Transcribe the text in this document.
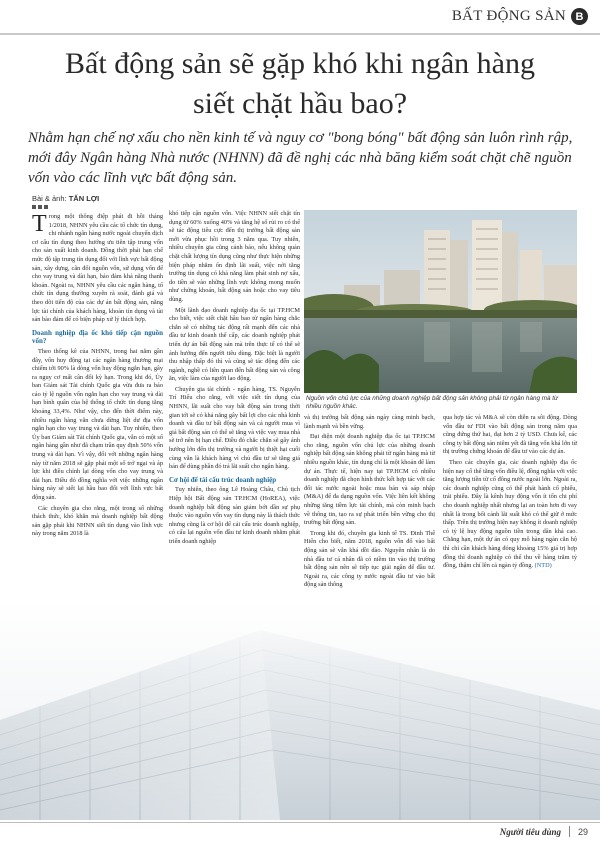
BẤT ĐỘNG SẢN B
Bất động sản sẽ gặp khó khi ngân hàng
siết chặt hầu bao?

Nhằm hạn chế nợ xấu cho nền kinh tế và nguy cơ "bong bóng" bất động sản luôn rình rập, mới đây Ngân hàng Nhà nước (NHNN) đã đề nghị các nhà băng kiểm soát chặt chẽ nguồn vốn vào các lĩnh vực bất động sản.

Bài & ảnh: TẤN LỢI

Trong một thông điệp phát đi hồi tháng 1/2018, NHNN yêu cầu các tổ chức tín dụng, chi nhánh ngân hàng nước ngoài chuyển dịch cơ cấu tín dụng theo hướng ưu tiên tập trung vốn cho sản xuất kinh doanh. Đồng thời phải hạn chế mức độ tập trung tín dụng đối với lĩnh vực bất động sản, xây dựng, cân đối nguồn vốn, sử dụng vốn để cho vay trung và dài hạn, bảo đảm khả năng thanh khoản. Ngoài ra, NHNN yêu cầu các ngân hàng, tổ chức tín dụng thường xuyên rà soát, đánh giá và theo dõi tiến độ của các dự án bất động sản, năng lực tài chính của khách hàng, khoản tín dụng và tài sản bảo đảm để có biện pháp xử lý thích hợp.

Doanh nghiệp địa ốc khó tiếp cận nguồn vốn?

Theo thống kê của NHNN, trong hai năm gần đây, vốn huy động tại các ngân hàng thương mại chiếm tới 90% là dòng vốn huy động ngắn hạn, gây ra nguy cơ mất cân đối kỳ hạn. Trong khi đó, Ủy ban Giám sát Tài chính Quốc gia vừa đưa ra báo cáo tỷ lệ nguồn vốn ngắn hạn cho vay trung và dài hạn bình quân của hệ thống tổ chức tín dụng tăng khoảng 33,4%. Như vậy, cho đến thời điểm này, nhiều ngân hàng vẫn chưa dừng liệt dư địa vốn ngắn hạn cho vay trung và dài hạn. Tuy nhiên, theo Ủy ban Giám sát Tài chính Quốc gia, vẫn có một số ngân hàng gần như đã chạm trần quy định 50% vốn trung và dài hạn. Vì vậy, đối với những ngân hàng này từ năm 2018 sẽ gặp phải một số trở ngại và áp lực khi điều chỉnh lại dòng vốn cho vay trung và dài hạn. Điều đó đồng nghĩa với việc những ngân hàng này sẽ siết lại hầu bao đối với lĩnh vực bất động sản.

Các chuyên gia cho rằng, một trong số những thách thức, khó khăn mà doanh nghiệp bất động sản gặp phải khi NHNN siết tín dụng vào lĩnh vực này trong năm 2018 là

khó tiếp cận nguồn vốn. Việc NHNN siết chặt tín dụng từ 60% xuống 40% và tăng hệ số rủi ro có thể sẽ tác động tiêu cực đến thị trường bất động sản mới vừa phục hồi trong 3 năm qua. Tuy nhiên, nhiều chuyên gia cũng cảnh báo, nếu không quản chặt chất lượng tín dụng cũng như thực hiện những biện pháp nhằm ổn định lãi suất, việc nới tăng trưởng tín dụng có khả năng làm phát sinh nợ xấu, do tiền sẽ vào những lĩnh vực không mong muốn như chứng khoán, bất động sản hoặc cho vay tiêu dùng.

Một lãnh đạo doanh nghiệp địa ốc tại TP.HCM cho biết, việc siết chặt hầu bao từ ngân hàng chắc chắn sẽ có những tác động rất mạnh đến các nhà đầu tư kinh doanh thế cấp, các doanh nghiệp phát triển dự án bất động sản mà trên thực tế có thể sẽ ảnh hưởng đến người tiêu dùng. Đặc biệt là người thu nhập thấp đó thì và cũng sẽ tác động đến các ngành, nghề có liên quan đến bất động sản và công ăn, việc làm của người lao động.

Chuyên gia tài chính - ngân hàng, TS. Nguyễn Trí Hiếu cho rằng, với việc siết tín dụng của NHNN, lãi suất cho vay bất động sản trong thời gian tới sẽ có khả năng gây bất lợi cho các nhà kinh doanh và đầu tư bất động sản và cả người mua vì giá bất động sản có thể sẽ tăng và việc vay mua nhà sẽ trở nên bị hạn chế. Điều đó chắc chắn sẽ gây ảnh hưởng lớn đến thị trường và người bị thiệt hại cuối cùng vẫn là khách hàng vì chủ đầu tư sẽ tăng giá bán để dùng phần đó trả lãi suất cho ngân hàng.

Cơ hội để tái cấu trúc doanh nghiệp

Tuy nhiên, theo ông Lê Hoàng Châu, Chủ tịch Hiệp hội Bất động sản TP.HCM (HoREA), việc doanh nghiệp bất động sản giảm bớt dần sự phụ thuộc vào nguồn vốn vay tín dụng này là thách thức nhưng cũng là cơ hội để cải cấu trúc doanh nghiệp, có cấu lại nguồn vốn đầu tư kinh doanh nhằm phát triển doanh nghiệp

Nguồn vốn chủ lực của những doanh nghiệp bất động sản không phải từ ngân hàng mà từ nhiều nguồn khác.

và thị trường bất động sản ngày càng minh bạch, lành mạnh và bền vững.

Đại diện một doanh nghiệp địa ốc tại TP.HCM cho rằng, nguồn vốn chủ lực của những doanh nghiệp bất động sản không phải từ ngân hàng mà từ nhiều nguồn khác, tín dụng chỉ là một khoản để làm dự án. Thực tế, hiện nay tại TP.HCM có nhiều doanh nghiệp đã chọn hình thức kết hợp tác với các đối tác nước ngoài hoặc mua bán và sáp nhập (M&A) để đa dạng nguồn vốn. Việc liên kết không những tăng tiềm lực tài chính, mà còn minh bạch về thông tin, tạo ra sự phát triển bền vững cho thị trường bất động sản.

Trong khi đó, chuyên gia kinh tế TS. Đinh Thế Hiển cho biết, năm 2018, nguồn vốn đổ vào bất động sản sẽ vẫn khá dồi dào. Nguyên nhân là do nhà đầu tư cá nhân đã có niềm tin vào thị trường bất động sản nên sẽ tiếp tục giải ngân để đầu tư. Ngoài ra, các công ty nước ngoài đầu tư vào bất động sản thông

qua hợp tác và M&A sẽ còn diễn ra sôi động. Dòng vốn đầu tư FDI vào bất động sản trong năm qua cũng đứng thứ hai, đạt hơn 2 tỷ USD. Chưa kể, các công ty bất động sản niêm yết đã tăng vốn khá lớn từ thị trường chứng khoán để đầu tư vào các dự án.

Theo các chuyên gia, các doanh nghiệp địa ốc hiện nay cố thể tăng vốn điều lệ, đồng nghĩa với việc tăng lượng tiền từ cổ đông nước ngoài lớn. Ngoài ra, các doanh nghiệp cũng có thể phát hành cổ phiếu, trái phiếu. Đây là kênh huy động vốn ít tốn chi phí cho doanh nghiệp nhất nhưng lại an toàn hơn đi vay nhất là trong bối cảnh lãi suất khó có thể giữ ở mức thấp. Trên thị trường hiện nay không ít doanh nghiệp có tỷ lệ huy động nguồn tiền trong dân khá cao. Chẳng hạn, một dự án có quy mô hàng ngàn căn hộ thì chỉ cần khách hàng đóng khoảng 15% giá trị hợp đồng thì doanh nghiệp có thể thu về hàng trăm tỷ đồng, thậm chí lên cả ngàn tỷ đồng. (NTD)

Người tiêu dùng 29
